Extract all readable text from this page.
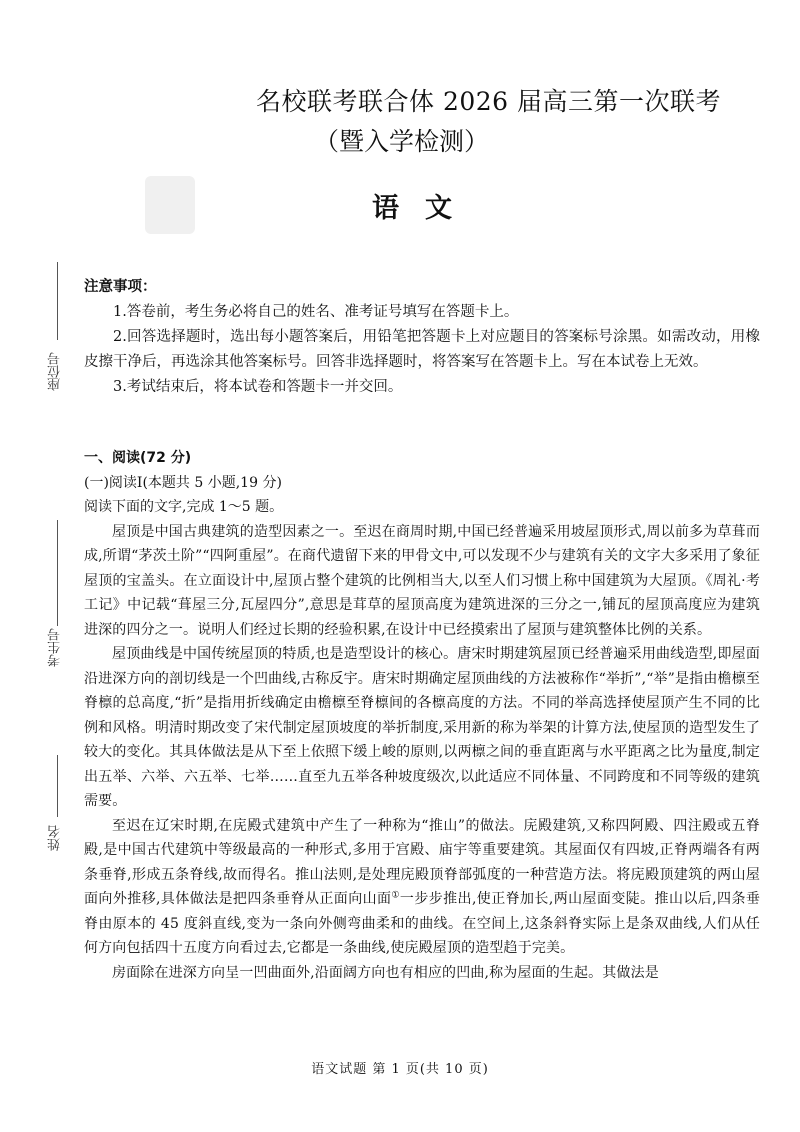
名校联考联合体 2026 届高三第一次联考
（暨入学检测）
语文
座位号
考生号
姓名
注意事项：

1.答卷前，考生务必将自己的姓名、准考证号填写在答题卡上。

2.回答选择题时，选出每小题答案后，用铅笔把答题卡上对应题目的答案标号涂黑。如需改动，用橡皮擦干净后，再选涂其他答案标号。回答非选择题时，将答案写在答题卡上。写在本试卷上无效。

3.考试结束后，将本试卷和答题卡一并交回。

一、阅读(72 分)

(一)阅读Ⅰ(本题共 5 小题,19 分)

阅读下面的文字,完成 1～5 题。

屋顶是中国古典建筑的造型因素之一。至迟在商周时期,中国已经普遍采用坡屋顶形式,周以前多为草葺而成,所谓“茅茨土阶”“四阿重屋”。在商代遗留下来的甲骨文中,可以发现不少与建筑有关的文字大多采用了象征屋顶的宝盖头。在立面设计中,屋顶占整个建筑的比例相当大,以至人们习惯上称中国建筑为大屋顶。《周礼·考工记》中记载“葺屋三分,瓦屋四分”,意思是茸草的屋顶高度为建筑进深的三分之一,铺瓦的屋顶高度应为建筑进深的四分之一。说明人们经过长期的经验积累,在设计中已经摸索出了屋顶与建筑整体比例的关系。

屋顶曲线是中国传统屋顶的特质,也是造型设计的核心。唐宋时期建筑屋顶已经普遍采用曲线造型,即屋面沿进深方向的剖切线是一个凹曲线,古称反宇。唐宋时期确定屋顶曲线的方法被称作“举折”,“举”是指由檐檩至脊檩的总高度,“折”是指用折线确定由檐檩至脊檩间的各檩高度的方法。不同的举高选择使屋顶产生不同的比例和风格。明清时期改变了宋代制定屋顶坡度的举折制度,采用新的称为举架的计算方法,使屋顶的造型发生了较大的变化。其具体做法是从下至上依照下缓上峻的原则,以两檩之间的垂直距离与水平距离之比为量度,制定出五举、六举、六五举、七举……直至九五举各种坡度级次,以此适应不同体量、不同跨度和不同等级的建筑需要。

至迟在辽宋时期,在庑殿式建筑中产生了一种称为“推山”的做法。庑殿建筑,又称四阿殿、四注殿或五脊殿,是中国古代建筑中等级最高的一种形式,多用于宫殿、庙宇等重要建筑。其屋面仅有四坡,正脊两端各有两条垂脊,形成五条脊线,故而得名。推山法则,是处理庑殿顶脊部弧度的一种营造方法。将庑殿顶建筑的两山屋面向外推移,具体做法是把四条垂脊从正面向山面①一步步推出,使正脊加长,两山屋面变陡。推山以后,四条垂脊由原本的 45 度斜直线,变为一条向外侧弯曲柔和的曲线。在空间上,这条斜脊实际上是条双曲线,人们从任何方向包括四十五度方向看过去,它都是一条曲线,使庑殿屋顶的造型趋于完美。

房面除在进深方向呈一凹曲面外,沿面阔方向也有相应的凹曲,称为屋面的生起。其做法是

语文试题 第 1 页(共 10 页)
